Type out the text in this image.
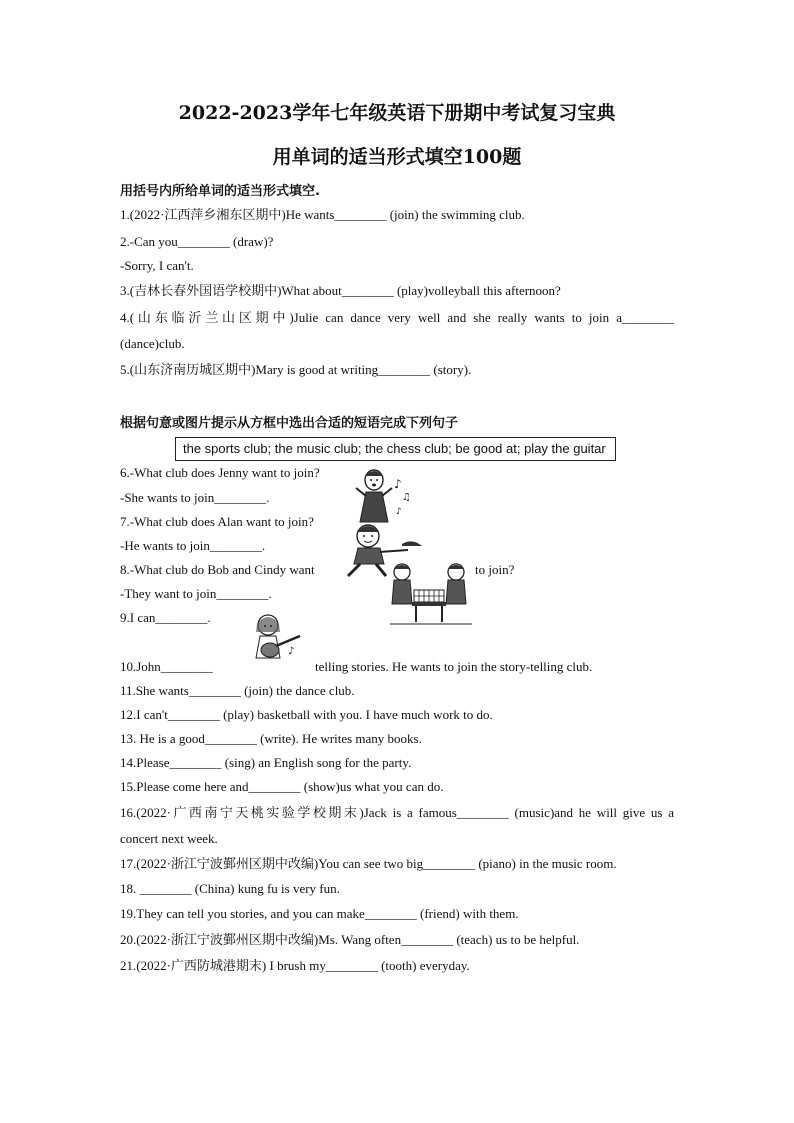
2022-2023学年七年级英语下册期中考试复习宝典
用单词的适当形式填空100题
用括号内所给单词的适当形式填空.
1.(2022·江西萍乡湘东区期中)He wants________ (join) the swimming club.
2.-Can you________ (draw)?
-Sorry, I can't.
3.(吉林长春外国语学校期中)What about________ (play)volleyball this afternoon?
4.(山东临沂兰山区期中)Julie can dance very well and she really wants to join a________
(dance)club.
5.(山东济南历城区期中)Mary is good at writing________ (story).
根据句意或图片提示从方框中选出合适的短语完成下列句子
the sports club; the music club; the chess club; be good at; play the guitar
6.-What club does Jenny want to join?
-She wants to join________.
7.-What club does Alan want to join?
-He wants to join________.
8.-What club do Bob and Cindy want	to join?
-They want to join________.
9.I can________.
10.John________	telling stories. He wants to join the story-telling club.
11.She wants________ (join) the dance club.
12.I can't________ (play) basketball with you. I have much work to do.
13. He is a good________ (write). He writes many books.
14.Please________ (sing) an English song for the party.
15.Please come here and________ (show)us what you can do.
16.(2022·广西南宁天桃实验学校期末)Jack is a famous________ (music)and he will give us a
concert next week.
17.(2022·浙江宁波鄞州区期中改编)You can see two big________ (piano) in the music room.
18. ________ (China) kung fu is very fun.
19.They can tell you stories, and you can make________ (friend) with them.
20.(2022·浙江宁波鄞州区期中改编)Ms. Wang often________ (teach) us to be helpful.
21.(2022·广西防城港期末) I brush my________ (tooth) everyday.
♪
♫
♪
♪
